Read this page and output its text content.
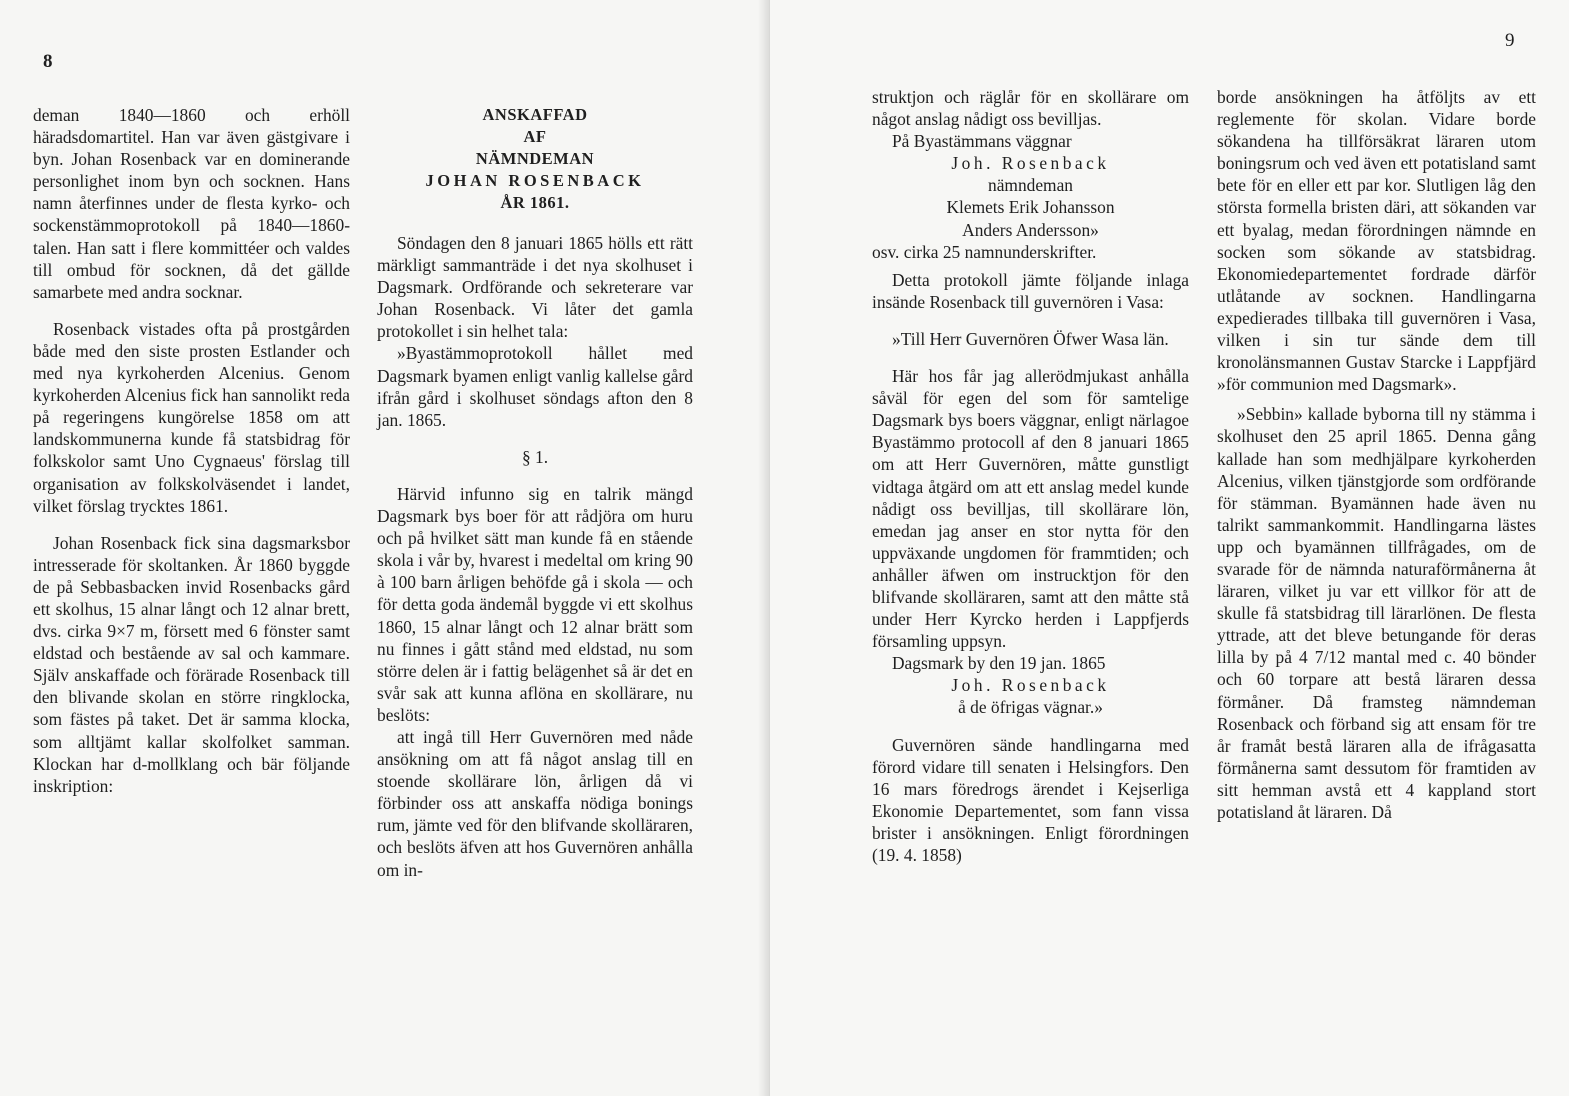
8

deman 1840—1860 och erhöll häradsdomartitel. Han var även gästgivare i byn. Johan Rosenback var en dominerande personlighet inom byn och socknen. Hans namn återfinnes under de flesta kyrko- och sockenstämmoprotokoll på 1840—1860-talen. Han satt i flere kommittéer och valdes till ombud för socknen, då det gällde samarbete med andra socknar.

Rosenback vistades ofta på prostgården både med den siste prosten Estlander och med nya kyrkoherden Alcenius. Genom kyrkoherden Alcenius fick han sannolikt reda på regeringens kungörelse 1858 om att landskommunerna kunde få statsbidrag för folkskolor samt Uno Cygnaeus' förslag till organisation av folkskolväsendet i landet, vilket förslag trycktes 1861.

Johan Rosenback fick sina dagsmarksbor intresserade för skoltanken. År 1860 byggde de på Sebbasbacken invid Rosenbacks gård ett skolhus, 15 alnar långt och 12 alnar brett, dvs. cirka 9×7 m, försett med 6 fönster samt eldstad och bestående av sal och kammare. Själv anskaffade och förärade Rosenback till den blivande skolan en större ringklocka, som fästes på taket. Det är samma klocka, som alltjämt kallar skolfolket samman. Klockan har d-mollklang och bär följande inskription:

ANSKAFFAD
AF
NÄMNDEMAN
JOHAN ROSENBACK
ÅR 1861.

Söndagen den 8 januari 1865 hölls ett rätt märkligt sammanträde i det nya skolhuset i Dagsmark. Ordförande och sekreterare var Johan Rosenback. Vi låter det gamla protokollet i sin helhet tala:

»Byastämmoprotokoll hållet med Dagsmark byamen enligt vanlig kallelse gård ifrån gård i skolhuset söndags afton den 8 jan. 1865.

§ 1.

Härvid infunno sig en talrik mängd Dagsmark bys boer för att rådjöra om huru och på hvilket sätt man kunde få en stående skola i vår by, hvarest i medeltal om kring 90 à 100 barn årligen behöfde gå i skola — och för detta goda ändemål byggde vi ett skolhus 1860, 15 alnar långt och 12 alnar brätt som nu finnes i gått stånd med eldstad, nu som större delen är i fattig belägenhet så är det en svår sak att kunna aflöna en skollärare, nu beslöts:

att ingå till Herr Guvernören med nåde ansökning om att få något anslag till en stoende skollärare lön, årligen då vi förbinder oss att anskaffa nödiga bonings rum, jämte ved för den blifvande skolläraren, och beslöts äfven att hos Guvernören anhålla om in-

9

struktjon och räglår för en skollärare om något anslag nådigt oss bevilljas.

På Byastämmans väggnar

Joh. Rosenback

nämndeman

Klemets Erik Johansson

Anders Andersson»

osv. cirka 25 namnunderskrifter.

Detta protokoll jämte följande inlaga insände Rosenback till guvernören i Vasa:

»Till Herr Guvernören Öfwer Wasa län.

Här hos får jag allerödmjukast anhålla såväl för egen del som för samtelige Dagsmark bys boers väggnar, enligt närlagoe Byastämmo protocoll af den 8 januari 1865 om att Herr Guvernören, måtte gunstligt vidtaga åtgärd om att ett anslag medel kunde nådigt oss bevilljas, till skollärare lön, emedan jag anser en stor nytta för den uppväxande ungdomen för frammtiden; och anhåller äfwen om instrucktjon för den blifvande skolläraren, samt att den måtte stå under Herr Kyrcko herden i Lappfjerds församling uppsyn.

Dagsmark by den 19 jan. 1865

Joh. Rosenback

å de öfrigas vägnar.»

Guvernören sände handlingarna med förord vidare till senaten i Helsingfors. Den 16 mars föredrogs ärendet i Kejserliga Ekonomie Departementet, som fann vissa brister i ansökningen. Enligt förordningen (19. 4. 1858)

borde ansökningen ha åtföljts av ett reglemente för skolan. Vidare borde sökandena ha tillförsäkrat läraren utom boningsrum och ved även ett potatisland samt bete för en eller ett par kor. Slutligen låg den största formella bristen däri, att sökanden var ett byalag, medan förordningen nämnde en socken som sökande av statsbidrag. Ekonomiedepartementet fordrade därför utlåtande av socknen. Handlingarna expedierades tillbaka till guvernören i Vasa, vilken i sin tur sände dem till kronolänsmannen Gustav Starcke i Lappfjärd »för communion med Dagsmark».

»Sebbin» kallade byborna till ny stämma i skolhuset den 25 april 1865. Denna gång kallade han som medhjälpare kyrkoherden Alcenius, vilken tjänstgjorde som ordförande för stämman. Byamännen hade även nu talrikt sammankommit. Handlingarna lästes upp och byamännen tillfrågades, om de svarade för de nämnda naturaförmånerna åt läraren, vilket ju var ett villkor för att de skulle få statsbidrag till lärarlönen. De flesta yttrade, att det bleve betungande för deras lilla by på 4 7/12 mantal med c. 40 bönder och 60 torpare att bestå läraren dessa förmåner. Då framsteg nämndeman Rosenback och förband sig att ensam för tre år framåt bestå läraren alla de ifrågasatta förmånerna samt dessutom för framtiden av sitt hemman avstå ett 4 kappland stort potatisland åt läraren. Då
